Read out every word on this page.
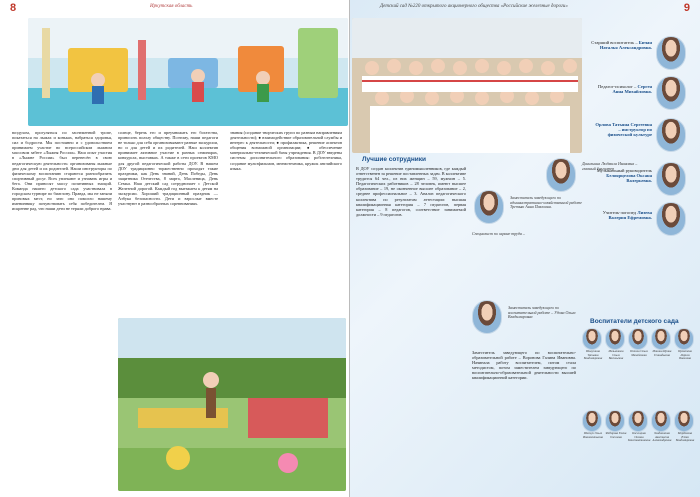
8	Иркутская область
воздухом, прогуляться по заснеженной тропе, покататься на лыжах и коньках, набраться здоровья, сил и бодрости. Мы постоянно и с удовольствием принимаем участие во всероссийском лыжном массовом забеге «Лыжня России». Наш опыт участия в «Лыжне России» был перенесён в свою педагогическую деятельность: организованы лыжные дни для детей и их родителей. Наши инструкторы по физическому воспитанию стараются разнообразить спортивный досуг. Всех увлекают и узнавать игры и бега. Они приносят массу позитивных эмоций. Команда нашего детского сада участвовала в городском турнире по биатлону. Правда, мы не заняли призовых мест, но зато оно помогло нашему имениннику почувствовать себя победителем. Я искренне рад, что наши дети не теряли доброго нрава.
солнце, беречь его и преумножать его богатства, приносить пользу обществу. Поэтому, наши педагоги не только для себя организовывают разные экскурсии, но и для детей и их родителей. Наш коллектив принимает активное участие в разных семинарах, конкурсах, выставках. А также в сети проектов КМО для другой педагогической работы ДОУ. В нашем ДОУ традиционно торжественно проходят такие праздники, как День знаний, День Победы, День защитника Отечества, 8 марта, Масленица, День Семьи. Наш детский сад сотрудничает с Детской Железной дорогой. Каждый год выезжаем к детям на экскурсии. Хороший традиционный праздник — Азбука безопасности. Дети и взрослые вместе участвуют в разнообразных соревнованиях.
знания (создание творческих групп по разным направлениям деятельности); ● взаимодействие образовательной службы и интерес к деятельности; ● профилактика, решение аспектов общения возможной организации; ● обеспечение материально-технической базы учреждения. В ДОУ введены системы дополнительного образования: робототехника, создание мультфильмов, мнемотехника, кружок английского языка.
9
Детский сад №220 открытого акционерного общества «Российские железные дороги»
Данильина Людмила Ивановна – главный бухгалтер
Лучшие сотрудники
В ДОУ создан коллектив единомышленников, где каждый ответственен за решение поставленных задач. В коллективе трудится 64 чел., из них женщин – 59, мужчин – 5. Педагогических работников – 28 человек, имеют высшее образование – 19, не оконченное высшее образование – 2, среднее профессиональное – 3. Анализ педагогического коллектива по результатам аттестации: высшая квалификационная категория – 7 педагогов, первая категория – 8 педагогов, соответствие занимаемой должности – 9 педагогов.
Заместитель заведующего по административно-хозяйственной работе Третьяк Анна Павловна.
Специалист по охране труда –
Заместитель заведующего по воспитательной работе – Удова Ольга Владимировна
Заместитель заведующего по воспитательно-образовательной работе – Воронова Галина Ивановна. Начинала работу воспитателем, потом стала методистом, потом заместителем заведующего по воспитательно-образовательной деятельности высшей квалификационной категории.
Старший воспитатель – Бичан Наталья Александровна.
Педагог-психолог – Сергея Анна Михайловна.
Орлова Татьяна Сергеевна – инструктор по физической культуре
Музыкальный руководитель Белоярцелова Оксана Валерьевна.
Учитель-логопед Лизева Валерия Ефремовна.
Воспитатели детского сада
Шалушина Татьяна Владимировна
Мельникова Ольга Васильевна
Попова Ольга Михайловна
Минина Ирина Геннадьевна
Прокопова Лариса Павловна
Шевчук Ольга Иннокентьевна
Фёдорова Елена Олеговна
Кислицина Оксана Константиновна
Холдашкина Анастасия Александровна
Мордовина Юлия Владимировна
